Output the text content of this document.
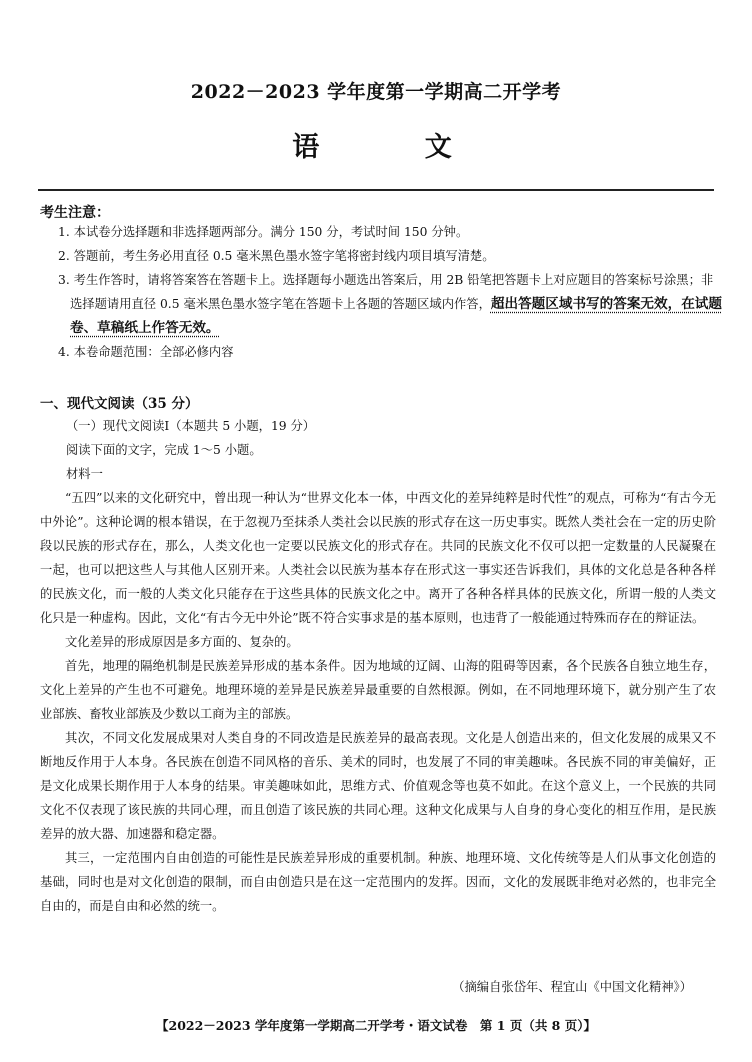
2022－2023 学年度第一学期高二开学考
语 文
考生注意：
1. 本试卷分选择题和非选择题两部分。满分 150 分，考试时间 150 分钟。
2. 答题前，考生务必用直径 0.5 毫米黑色墨水签字笔将密封线内项目填写清楚。
3. 考生作答时，请将答案答在答题卡上。选择题每小题选出答案后，用 2B 铅笔把答题卡上对应题目的答案标号涂黑；非选择题请用直径 0.5 毫米黑色墨水签字笔在答题卡上各题的答题区域内作答，超出答题区域书写的答案无效，在试题卷、草稿纸上作答无效。
4. 本卷命题范围：全部必修内容
一、现代文阅读（35 分）
（一）现代文阅读Ⅰ（本题共 5 小题，19 分）
阅读下面的文字，完成 1～5 小题。
材料一

“五四”以来的文化研究中，曾出现一种认为“世界文化本一体，中西文化的差异纯粹是时代性”的观点，可称为“有古今无中外论”。这种论调的根本错误，在于忽视乃至抹杀人类社会以民族的形式存在这一历史事实。既然人类社会在一定的历史阶段以民族的形式存在，那么，人类文化也一定要以民族文化的形式存在。共同的民族文化不仅可以把一定数量的人民凝聚在一起，也可以把这些人与其他人区别开来。人类社会以民族为基本存在形式这一事实还告诉我们，具体的文化总是各种各样的民族文化，而一般的人类文化只能存在于这些具体的民族文化之中。离开了各种各样具体的民族文化，所谓一般的人类文化只是一种虚构。因此，文化“有古今无中外论”既不符合实事求是的基本原则，也违背了一般能通过特殊而存在的辩证法。

文化差异的形成原因是多方面的、复杂的。

首先，地理的隔绝机制是民族差异形成的基本条件。因为地域的辽阔、山海的阻碍等因素，各个民族各自独立地生存，文化上差异的产生也不可避免。地理环境的差异是民族差异最重要的自然根源。例如，在不同地理环境下，就分别产生了农业部族、畜牧业部族及少数以工商为主的部族。

其次，不同文化发展成果对人类自身的不同改造是民族差异的最高表现。文化是人创造出来的，但文化发展的成果又不断地反作用于人本身。各民族在创造不同风格的音乐、美术的同时，也发展了不同的审美趣味。各民族不同的审美偏好，正是文化成果长期作用于人本身的结果。审美趣味如此，思维方式、价值观念等也莫不如此。在这个意义上，一个民族的共同文化不仅表现了该民族的共同心理，而且创造了该民族的共同心理。这种文化成果与人自身的身心变化的相互作用，是民族差异的放大器、加速器和稳定器。

其三，一定范围内自由创造的可能性是民族差异形成的重要机制。种族、地理环境、文化传统等是人们从事文化创造的基础，同时也是对文化创造的限制，而自由创造只是在这一定范围内的发挥。因而，文化的发展既非绝对必然的，也非完全自由的，而是自由和必然的统一。

（摘编自张岱年、程宜山《中国文化精神》）
【2022－2023 学年度第一学期高二开学考・语文试卷　第 1 页（共 8 页）】
